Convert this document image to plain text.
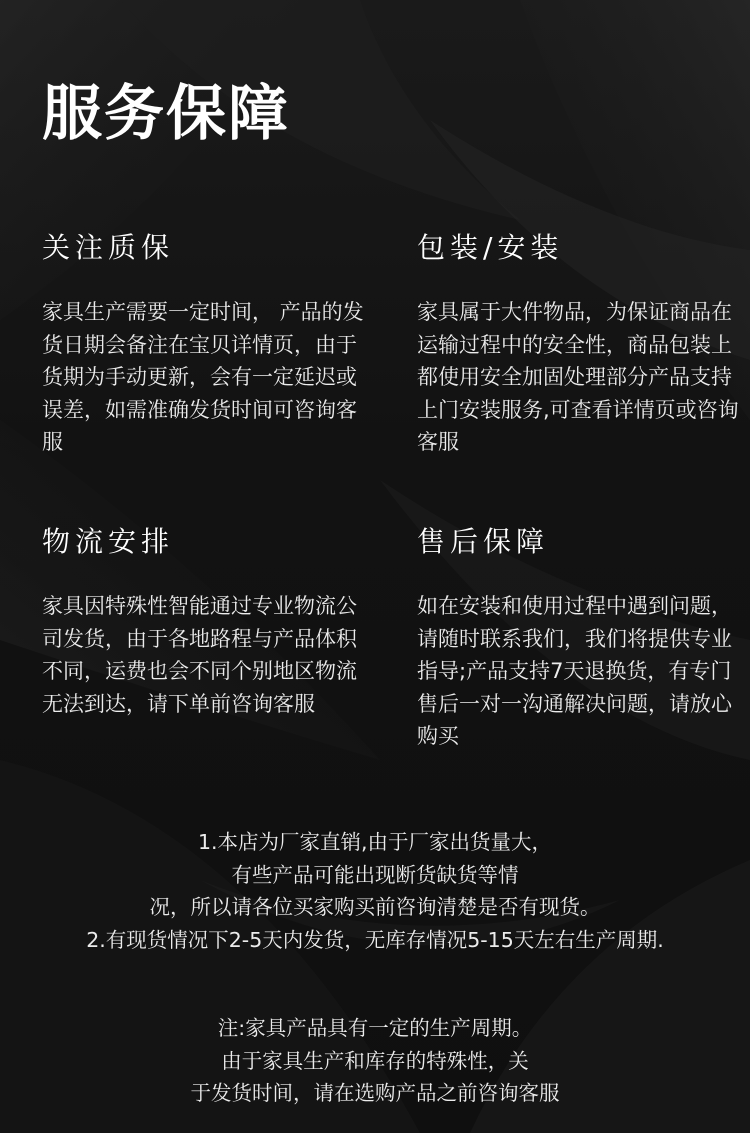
服务保障
关注质保

家具生产需要一定时间， 产品的发货日期会备注在宝贝详情页，由于货期为手动更新，会有一定延迟或误差，如需准确发货时间可咨询客服

包装/安装

家具属于大件物品，为保证商品在运输过程中的安全性，商品包装上都使用安全加固处理部分产品支持上门安装服务,可查看详情页或咨询客服

物流安排

家具因特殊性智能通过专业物流公司发货，由于各地路程与产品体积不同，运费也会不同个别地区物流无法到达，请下单前咨询客服

售后保障

如在安装和使用过程中遇到问题，请随时联系我们，我们将提供专业指导;产品支持7天退换货，有专门售后一对一沟通解决问题，请放心购买

1.本店为厂家直销,由于厂家出货量大，
有些产品可能出现断货缺货等情
况，所以请各位买家购买前咨询清楚是否有现货。
2.有现货情况下2-5天内发货，无库存情况5-15天左右生产周期.
注:家具产品具有一定的生产周期。
由于家具生产和库存的特殊性，关
于发货时间，请在选购产品之前咨询客服
